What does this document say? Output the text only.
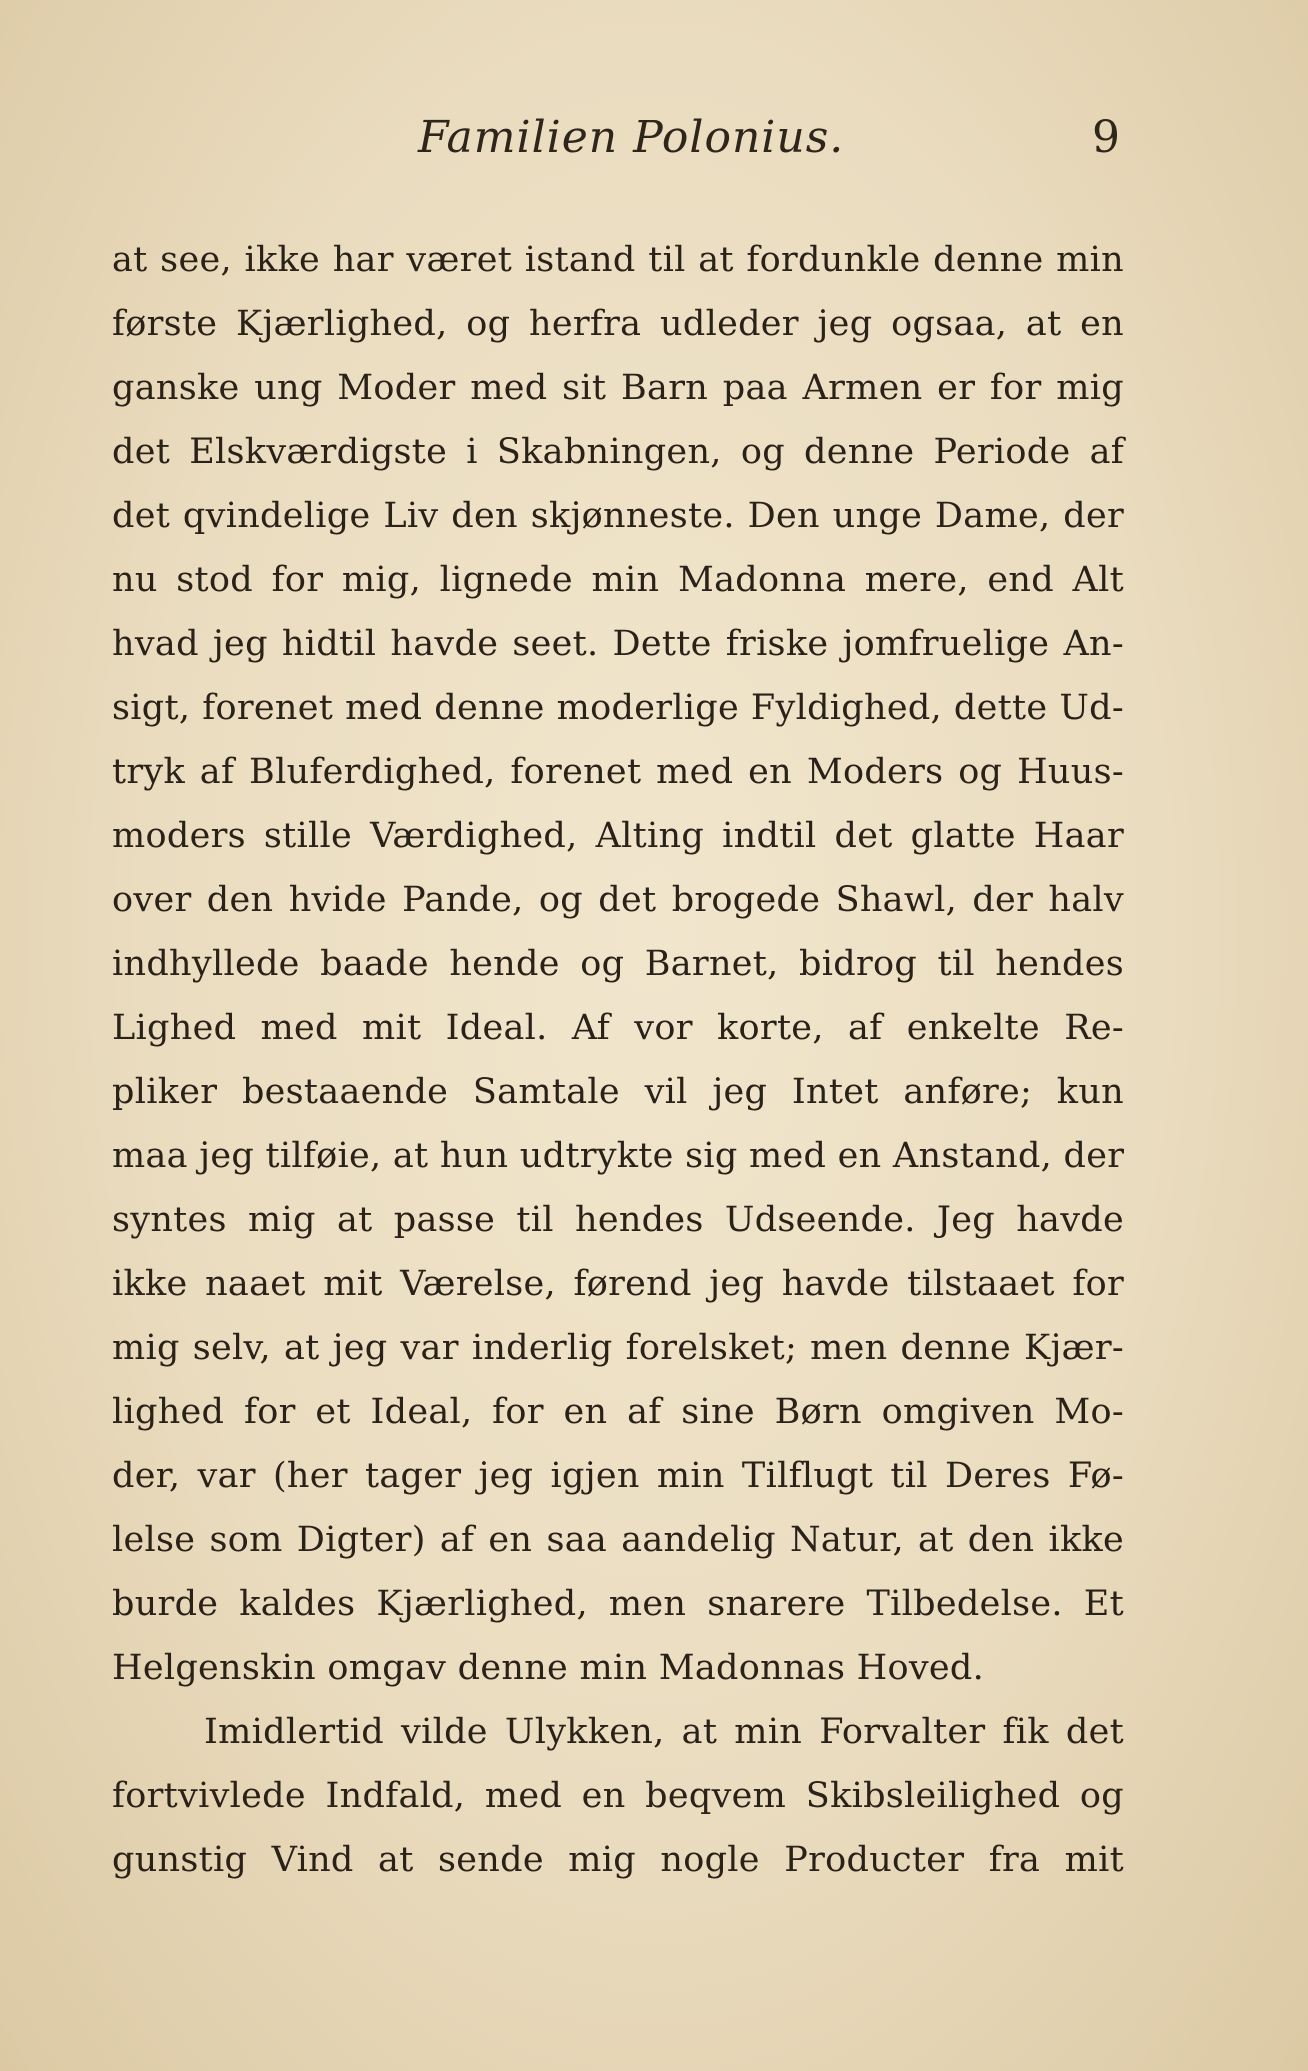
Familien Polonius.	9
at see, ikke har været istand til at fordunkle denne min
første Kjærlighed, og herfra udleder jeg ogsaa, at en
ganske ung Moder med sit Barn paa Armen er for mig
det Elskværdigste i Skabningen, og denne Periode af
det qvindelige Liv den skjønneste. Den unge Dame, der
nu stod for mig, lignede min Madonna mere, end Alt
hvad jeg hidtil havde seet. Dette friske jomfruelige An-
sigt, forenet med denne moderlige Fyldighed, dette Ud-
tryk af Bluferdighed, forenet med en Moders og Huus-
moders stille Værdighed, Alting indtil det glatte Haar
over den hvide Pande, og det brogede Shawl, der halv
indhyllede baade hende og Barnet, bidrog til hendes
Lighed med mit Ideal. Af vor korte, af enkelte Re-
pliker bestaaende Samtale vil jeg Intet anføre; kun
maa jeg tilføie, at hun udtrykte sig med en Anstand, der
syntes mig at passe til hendes Udseende. Jeg havde
ikke naaet mit Værelse, førend jeg havde tilstaaet for
mig selv, at jeg var inderlig forelsket; men denne Kjær-
lighed for et Ideal, for en af sine Børn omgiven Mo-
der, var (her tager jeg igjen min Tilflugt til Deres Fø-
lelse som Digter) af en saa aandelig Natur, at den ikke
burde kaldes Kjærlighed, men snarere Tilbedelse. Et
Helgenskin omgav denne min Madonnas Hoved.
Imidlertid vilde Ulykken, at min Forvalter fik det
fortvivlede Indfald, med en beqvem Skibsleilighed og
gunstig Vind at sende mig nogle Producter fra mit
